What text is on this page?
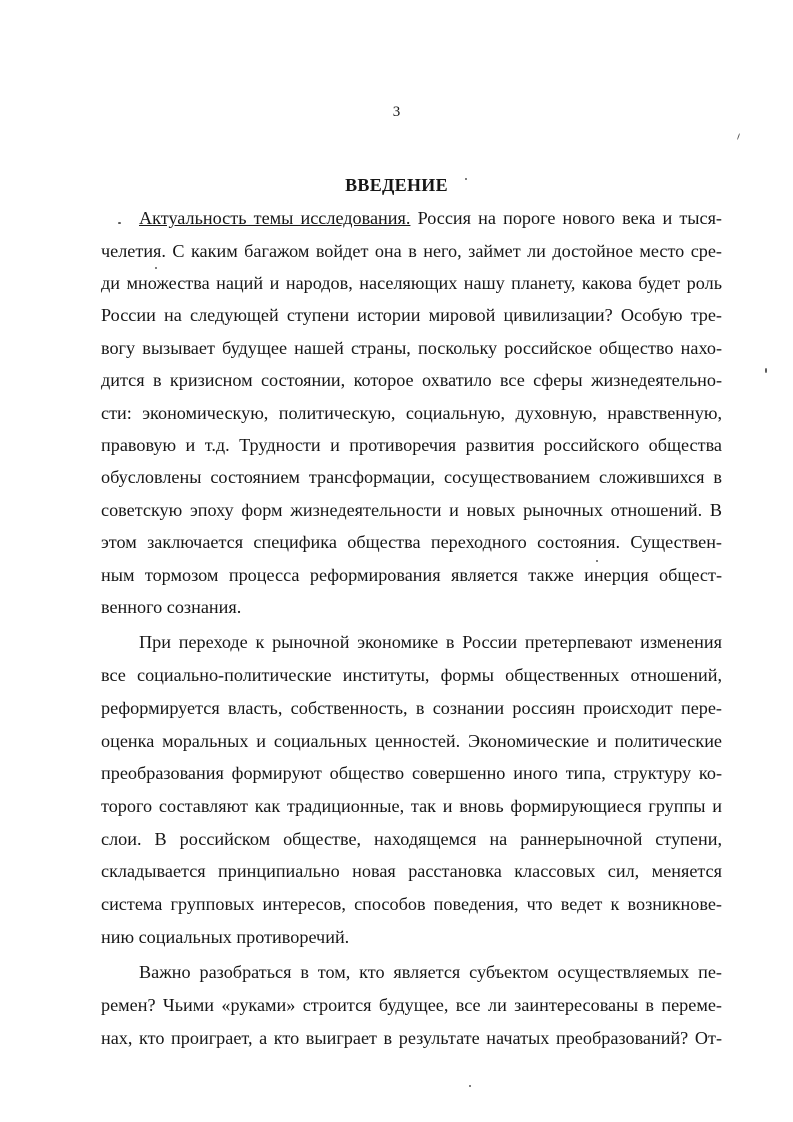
3
ВВЕДЕНИЕ
Актуальность темы исследования. Россия на пороге нового века и тыся-
челетия. С каким багажом войдет она в него, займет ли достойное место сре-
ди множества наций и народов, населяющих нашу планету, какова будет роль
России на следующей ступени истории мировой цивилизации? Особую тре-
вогу вызывает будущее нашей страны, поскольку российское общество нахо-
дится в кризисном состоянии, которое охватило все сферы жизнедеятельно-
сти: экономическую, политическую, социальную, духовную, нравственную,
правовую и т.д. Трудности и противоречия развития российского общества
обусловлены состоянием трансформации, сосуществованием сложившихся в
советскую эпоху форм жизнедеятельности и новых рыночных отношений. В
этом заключается специфика общества переходного состояния. Существен-
ным тормозом процесса реформирования является также инерция общест-
венного сознания.
При переходе к рыночной экономике в России претерпевают изменения
все социально-политические институты, формы общественных отношений,
реформируется власть, собственность, в сознании россиян происходит пере-
оценка моральных и социальных ценностей. Экономические и политические
преобразования формируют общество совершенно иного типа, структуру ко-
торого составляют как традиционные, так и вновь формирующиеся группы и
слои. В российском обществе, находящемся на раннерыночной ступени,
складывается принципиально новая расстановка классовых сил, меняется
система групповых интересов, способов поведения, что ведет к возникнове-
нию социальных противоречий.
Важно разобраться в том, кто является субъектом осуществляемых пе-
ремен? Чьими «руками» строится будущее, все ли заинтересованы в переме-
нах, кто проиграет, а кто выиграет в результате начатых преобразований? От-
